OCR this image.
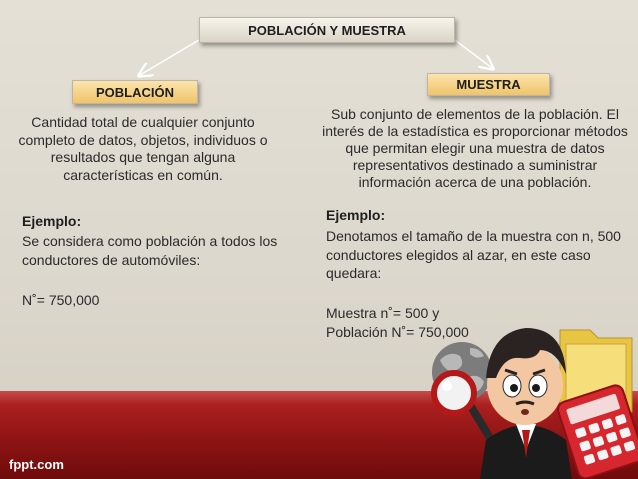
POBLACIÓN Y MUESTRA
POBLACIÓN	MUESTRA

Cantidad total de cualquier conjunto completo de datos, objetos, individuos o resultados que tengan alguna características en común.

Sub conjunto de elementos de la población. El interés de la estadística es proporcionar métodos que permitan elegir una muestra de datos representativos destinado a suministrar información acerca de una población.

Ejemplo:

Se considera como población a todos los conductores de automóviles:

N˚= 750,000

Ejemplo:

Denotamos el tamaño de la muestra con n, 500 conductores elegidos al azar, en este caso quedara:

Muestra n˚= 500 y

Población N˚= 750,000

fppt.com
